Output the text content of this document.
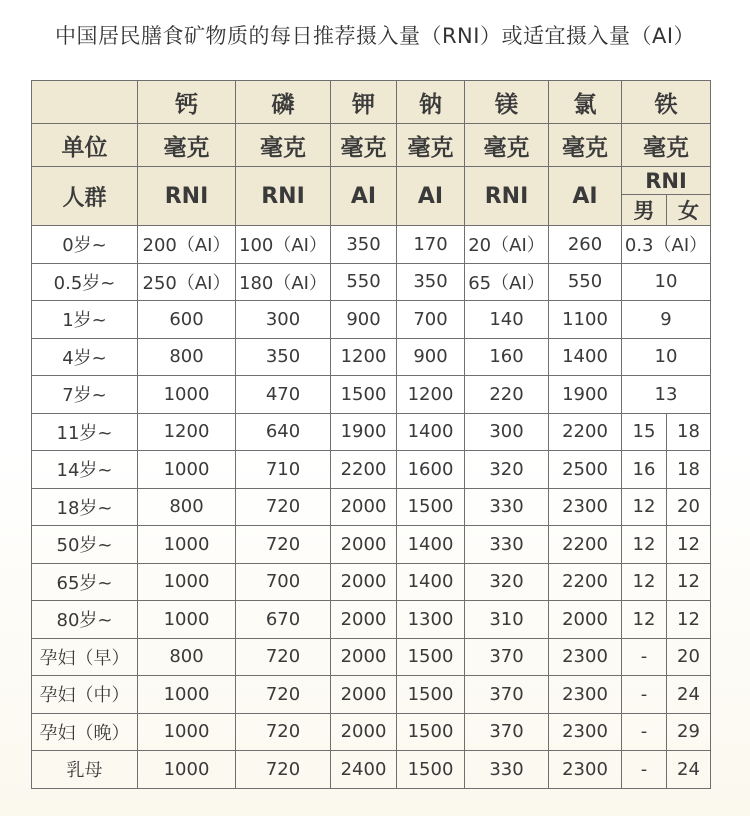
中国居民膳食矿物质的每日推荐摄入量（RNI）或适宜摄入量（AI）
	钙	磷	钾	钠	镁	氯	铁	
单位	毫克	毫克	毫克	毫克	毫克	毫克	毫克	
人群	RNI	RNI	AI	AI	RNI	AI	RNI	
							男	女
0岁~	200（AI）	100（AI）	350	170	20（AI）	260	0.3（AI）	
0.5岁~	250（AI）	180（AI）	550	350	65（AI）	550	10	
1岁~	600	300	900	700	140	1100	9	
4岁~	800	350	1200	900	160	1400	10	
7岁~	1000	470	1500	1200	220	1900	13	
11岁~	1200	640	1900	1400	300	2200	15	18
14岁~	1000	710	2200	1600	320	2500	16	18
18岁~	800	720	2000	1500	330	2300	12	20
50岁~	1000	720	2000	1400	330	2200	12	12
65岁~	1000	700	2000	1400	320	2200	12	12
80岁~	1000	670	2000	1300	310	2000	12	12
孕妇（早）	800	720	2000	1500	370	2300	-	20
孕妇（中）	1000	720	2000	1500	370	2300	-	24
孕妇（晚）	1000	720	2000	1500	370	2300	-	29
乳母	1000	720	2400	1500	330	2300	-	24
